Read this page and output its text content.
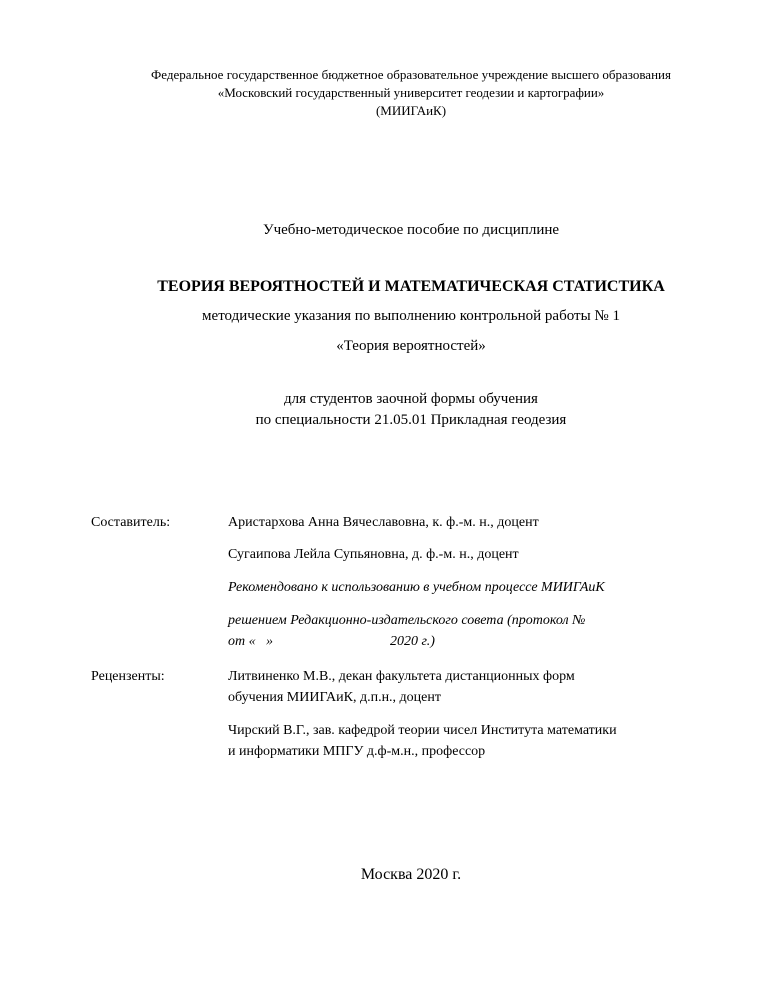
Федеральное государственное бюджетное образовательное учреждение высшего образования
«Московский государственный университет геодезии и картографии»
(МИИГАиК)
Учебно-методическое пособие по дисциплине
ТЕОРИЯ ВЕРОЯТНОСТЕЙ И МАТЕМАТИЧЕСКАЯ СТАТИСТИКА
методические указания по выполнению контрольной работы № 1
«Теория вероятностей»
для студентов заочной формы обучения
по специальности 21.05.01 Прикладная геодезия
Составитель:	Аристархова Анна Вячеславовна, к. ф.-м. н., доцент
Сугаипова Лейла Супьяновна, д. ф.-м. н., доцент
Рекомендовано к использованию в учебном процессе МИИГАиК
решением Редакционно-издательского совета (протокол №
от « »	2020 г.)
Рецензенты:	Литвиненко М.В., декан факультета дистанционных форм
обучения МИИГАиК, д.п.н., доцент
Чирский В.Г., зав. кафедрой теории чисел Института математики
и информатики МПГУ д.ф-м.н., профессор
Москва 2020 г.
